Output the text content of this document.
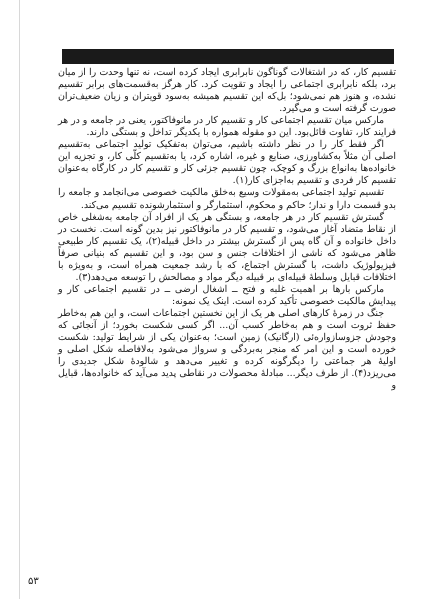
تقسیم کار، که در اشتغالات گوناگون نابرابری ایجاد کرده است، نه تنها وحدت را از میان برد، بلکه نابرابری اجتماعی را ایجاد و تقویت کرد. کار هرگز به‌قسمت‌های برابر تقسیم نشده، و هنوز هم نمی‌شود؛ بل‌که این تقسیم همیشه به‌سود قویتران و زیان ضعیف‌تران صورت گرفته است و می‌گیرد.

مارکس میان تقسیم اجتماعی کار و تقسیم کار در مانوفاکتور، یعنی در جامعه و در هر فرایند کار، تفاوت قائل‌بود. این دو مقوله همواره با یکدیگر تداخل و بستگی دارند.

اگر فقط کار را در نظر داشته باشیم، می‌توان به‌تفکیک تولید اجتماعی به‌تقسیم اصلی آن مثلاً به‌کشاورزی، صنایع و غیره، اشاره کرد، یا به‌تقسیم کلّی کار، و تجزیه این خانواده‌ها به‌انواع بزرگ و کوچک، چون تقسیم جزئی کار و تقسیم کار در کارگاه به‌عنوان تقسیم کار فردی و تقسیم به‌اجزای کار(۱).

تقسیم تولید اجتماعی به‌مقولات وسیع به‌خلق مالکیت خصوصی می‌انجامد و جامعه را بدو قسمت دارا و ندار؛ حاکم و محکوم، استثمارگر و استثمارشونده تقسیم می‌کند.

گسترش تقسیم کار در هر جامعه، و بستگی هر یک از افراد آن جامعه به‌شغلی خاص از نقاط متضاد آغاز می‌شود، و تقسیم کار در مانوفاکتور نیز بدین گونه است. نخست در داخل خانواده و آن گاه پس از گسترش بیشتر در داخل قبیله(۲)، یک تقسیم کار طبیعی ظاهر می‌شود که ناشی از اختلافات جنس و سن بود، و این تقسیم که بنیانی صرفاً فیزیولوژیک داشت، با گسترش اجتماع، که با رشد جمعیت همراه است، و به‌ویژه با اختلافات قبایل وسلطهٔ قبیله‌ای بر قبیله دیگر مواد و مصالحش را توسعه می‌دهد(۳).

مارکس بارها بر اهمیت غلبه و فتح ــ اشغال ارضی ــ در تقسیم اجتماعی کار و پیدایش مالکیت خصوصی تأکید کرده است. اینک یک نمونه:

جنگ در زمرهٔ کارهای اصلی هر یک از این نخستین اجتماعات است، و این هم به‌خاطر حفظ ثروت است و هم به‌خاطر کسب آن... اگر کسی شکست بخورد؛ از آنجائی که وجودش جزوسازواره‌ئی (ارگانیک) زمین است؛ به‌عنوان یکی از شرایط تولید: شکست خورده است و این امر که منجر به‌بردگی و سرواژ می‌شود به‌لافاصله شکل اصلی و اولیهٔ هر جماعتی را دیگرگونه کرده و تغییر می‌دهد و شالودهٔ شکل جدیدی را می‌ریزد(۴). از طرف دیگر... مبادلهٔ محصولات در نقاطی پدید می‌آید که خانواده‌ها، قبایل و

۵۳
